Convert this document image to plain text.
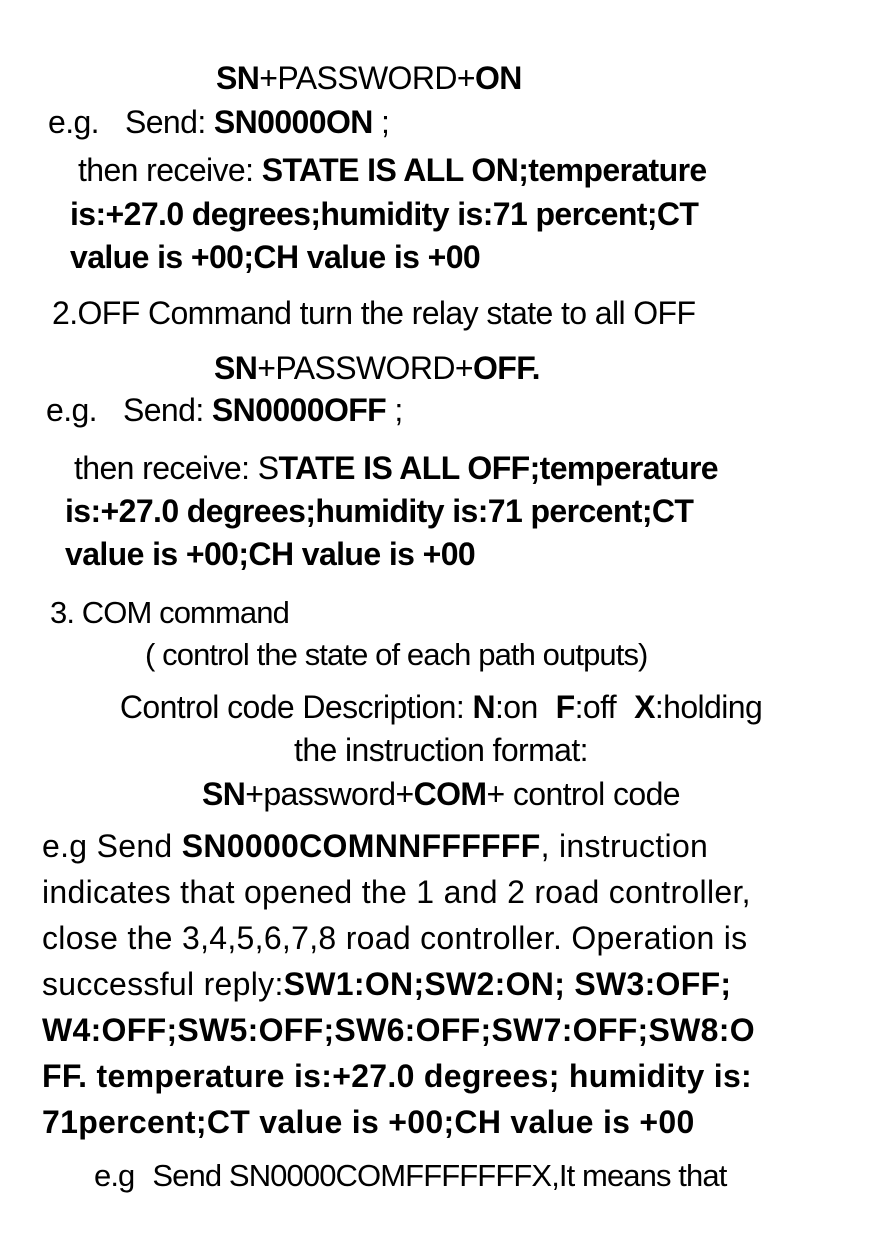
SN+PASSWORD+ON
e.g. Send: SN0000ON ;
then receive: STATE IS ALL ON;temperature
is:+27.0 degrees;humidity is:71 percent;CT
value is +00;CH value is +00
2.OFF Command turn the relay state to all OFF
SN+PASSWORD+OFF.
e.g. Send: SN0000OFF ;
then receive: STATE IS ALL OFF;temperature
is:+27.0 degrees;humidity is:71 percent;CT
value is +00;CH value is +00
3. COM command
( control the state of each path outputs)
Control code Description: N:on F:off X:holding
the instruction format:
SN+password+COM+ control code
e.g Send SN0000COMNNFFFFFF, instruction
indicates that opened the 1 and 2 road controller,
close the 3,4,5,6,7,8 road controller. Operation is
successful reply:SW1:ON;SW2:ON; SW3:OFF;
W4:OFF;SW5:OFF;SW6:OFF;SW7:OFF;SW8:O
FF. temperature is:+27.0 degrees; humidity is:
71percent;CT value is +00;CH value is +00
e.g Send SN0000COMFFFFFFFX,It means that
